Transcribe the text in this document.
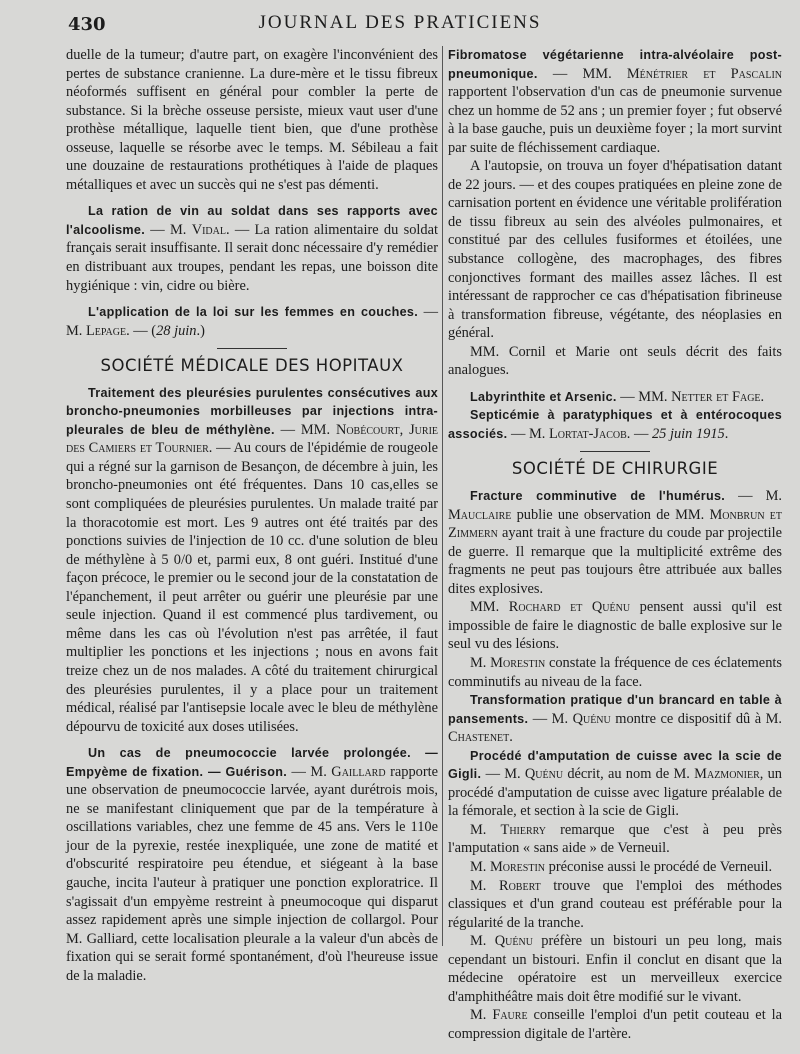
430	JOURNAL DES PRATICIENS

duelle de la tumeur; d'autre part, on exagère l'inconvénient des pertes de substance cranienne. La dure-mère et le tissu fibreux néoformés suffisent en général pour combler la perte de substance. Si la brèche osseuse persiste, mieux vaut user d'une prothèse métallique, laquelle tient bien, que d'une prothèse osseuse, laquelle se résorbe avec le temps. M. Sébileau a fait une douzaine de restaurations prothétiques à l'aide de plaques métalliques et avec un succès qui ne s'est pas démenti.

La ration de vin au soldat dans ses rapports avec l'alcoolisme. — M. Vidal. — La ration alimentaire du soldat français serait insuffisante. Il serait donc nécessaire d'y remédier en distribuant aux troupes, pendant les repas, une boisson dite hygiénique : vin, cidre ou bière.

L'application de la loi sur les femmes en couches. — M. Lepage. — (28 juin.)

SOCIÉTÉ MÉDICALE DES HOPITAUX

Traitement des pleurésies purulentes consécutives aux broncho-pneumonies morbilleuses par injections intra-pleurales de bleu de méthylène. — MM. Nobécourt, Jurie des Camiers et Tournier. — Au cours de l'épidémie de rougeole qui a régné sur la garnison de Besançon, de décembre à juin, les broncho-pneumonies ont été fréquentes. Dans 10 cas,elles se sont compliquées de pleurésies purulentes. Un malade traité par la thoracotomie est mort. Les 9 autres ont été traités par des ponctions suivies de l'injection de 10 cc. d'une solution de bleu de méthylène à 5 0/0 et, parmi eux, 8 ont guéri. Institué d'une façon précoce, le premier ou le second jour de la constatation de l'épanchement, il peut arrêter ou guérir une pleurésie par une seule injection. Quand il est commencé plus tardivement, ou même dans les cas où l'évolution n'est pas arrêtée, il faut multiplier les ponctions et les injections ; nous en avons fait treize chez un de nos malades. A côté du traitement chirurgical des pleurésies purulentes, il y a place pour un traitement médical, réalisé par l'antisepsie locale avec le bleu de méthylène dépourvu de toxicité aux doses utilisées.

Un cas de pneumococcie larvée prolongée. — Empyème de fixation. — Guérison. — M. Gaillard rapporte une observation de pneumococcie larvée, ayant durétrois mois, ne se manifestant cliniquement que par de la température à oscillations variables, chez une femme de 45 ans. Vers le 110e jour de la pyrexie, restée inexpliquée, une zone de matité et d'obscurité respiratoire peu étendue, et siégeant à la base gauche, incita l'auteur à pratiquer une ponction exploratrice. Il s'agissait d'un empyème restreint à pneumocoque qui disparut assez rapidement après une simple injection de collargol. Pour M. Galliard, cette localisation pleurale a la valeur d'un abcès de fixation qui se serait formé spontanément, d'où l'heureuse issue de la maladie.

Fibromatose végétarienne intra-alvéolaire post-pneumonique. — MM. Ménétrier et Pascalin rapportent l'observation d'un cas de pneumonie survenue chez un homme de 52 ans ; un premier foyer ; fut observé à la base gauche, puis un deuxième foyer ; la mort survint par suite de fléchissement cardiaque.

A l'autopsie, on trouva un foyer d'hépatisation datant de 22 jours. — et des coupes pratiquées en pleine zone de carnisation portent en évidence une véritable prolifération de tissu fibreux au sein des alvéoles pulmonaires, et constitué par des cellules fusiformes et étoilées, une substance collogène, des macrophages, des fibres conjonctives formant des mailles assez lâches. Il est intéressant de rapprocher ce cas d'hépatisation fibrineuse à transformation fibreuse, végétante, des néoplasies en général.

MM. Cornil et Marie ont seuls décrit des faits analogues.

Labyrinthite et Arsenic. — MM. Netter et Fage.

Septicémie à paratyphiques et à entérocoques associés. — M. Lortat-Jacob. — 25 juin 1915.

SOCIÉTÉ DE CHIRURGIE

Fracture comminutive de l'humérus. — M. Mauclaire publie une observation de MM. Monbrun et Zimmern ayant trait à une fracture du coude par projectile de guerre. Il remarque que la multiplicité extrême des fragments ne peut pas toujours être attribuée aux balles dites explosives.

MM. Rochard et Quénu pensent aussi qu'il est impossible de faire le diagnostic de balle explosive sur le seul vu des lésions.

M. Morestin constate la fréquence de ces éclatements comminutifs au niveau de la face.

Transformation pratique d'un brancard en table à pansements. — M. Quénu montre ce dispositif dû à M. Chastenet.

Procédé d'amputation de cuisse avec la scie de Gigli. — M. Quénu décrit, au nom de M. Mazmonier, un procédé d'amputation de cuisse avec ligature préalable de la fémorale, et section à la scie de Gigli.

M. Thierry remarque que c'est à peu près l'amputation « sans aide » de Verneuil.

M. Morestin préconise aussi le procédé de Verneuil.

M. Robert trouve que l'emploi des méthodes classiques et d'un grand couteau est préférable pour la régularité de la tranche.

M. Quénu préfère un bistouri un peu long, mais cependant un bistouri. Enfin il conclut en disant que la médecine opératoire est un merveilleux exercice d'amphithéâtre mais doit être modifié sur le vivant.

M. Faure conseille l'emploi d'un petit couteau et la compression digitale de l'artère.
